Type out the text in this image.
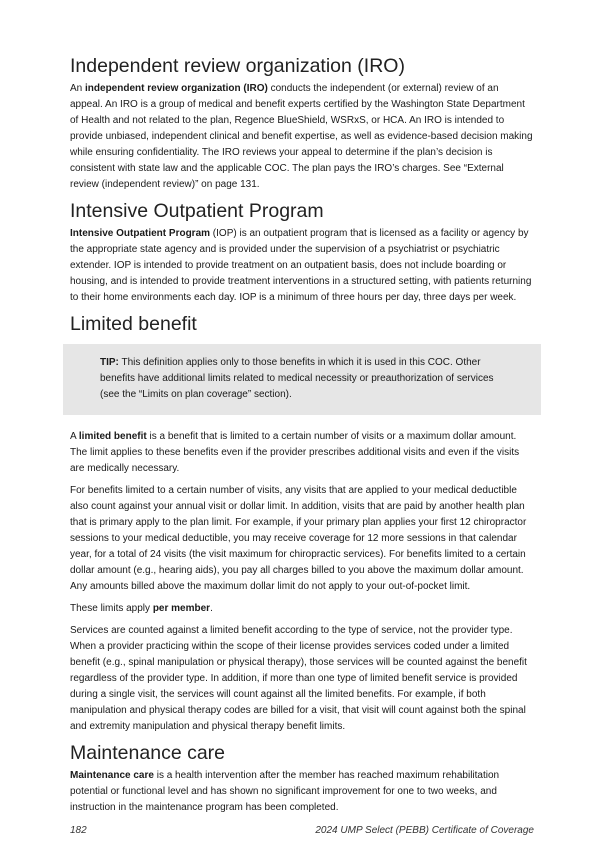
Independent review organization (IRO)

An independent review organization (IRO) conducts the independent (or external) review of an appeal. An IRO is a group of medical and benefit experts certified by the Washington State Department of Health and not related to the plan, Regence BlueShield, WSRxS, or HCA. An IRO is intended to provide unbiased, independent clinical and benefit expertise, as well as evidence-based decision making while ensuring confidentiality. The IRO reviews your appeal to determine if the plan’s decision is consistent with state law and the applicable COC. The plan pays the IRO’s charges. See “External review (independent review)” on page 131.

Intensive Outpatient Program

Intensive Outpatient Program (IOP) is an outpatient program that is licensed as a facility or agency by the appropriate state agency and is provided under the supervision of a psychiatrist or psychiatric extender. IOP is intended to provide treatment on an outpatient basis, does not include boarding or housing, and is intended to provide treatment interventions in a structured setting, with patients returning to their home environments each day. IOP is a minimum of three hours per day, three days per week.

Limited benefit

TIP: This definition applies only to those benefits in which it is used in this COC. Other benefits have additional limits related to medical necessity or preauthorization of services (see the “Limits on plan coverage” section).

A limited benefit is a benefit that is limited to a certain number of visits or a maximum dollar amount. The limit applies to these benefits even if the provider prescribes additional visits and even if the visits are medically necessary.

For benefits limited to a certain number of visits, any visits that are applied to your medical deductible also count against your annual visit or dollar limit. In addition, visits that are paid by another health plan that is primary apply to the plan limit. For example, if your primary plan applies your first 12 chiropractor sessions to your medical deductible, you may receive coverage for 12 more sessions in that calendar year, for a total of 24 visits (the visit maximum for chiropractic services). For benefits limited to a certain dollar amount (e.g., hearing aids), you pay all charges billed to you above the maximum dollar amount. Any amounts billed above the maximum dollar limit do not apply to your out-of-pocket limit.

These limits apply per member.

Services are counted against a limited benefit according to the type of service, not the provider type. When a provider practicing within the scope of their license provides services coded under a limited benefit (e.g., spinal manipulation or physical therapy), those services will be counted against the benefit regardless of the provider type. In addition, if more than one type of limited benefit service is provided during a single visit, the services will count against all the limited benefits. For example, if both manipulation and physical therapy codes are billed for a visit, that visit will count against both the spinal and extremity manipulation and physical therapy benefit limits.

Maintenance care

Maintenance care is a health intervention after the member has reached maximum rehabilitation potential or functional level and has shown no significant improvement for one to two weeks, and instruction in the maintenance program has been completed.

182	2024 UMP Select (PEBB) Certificate of Coverage
